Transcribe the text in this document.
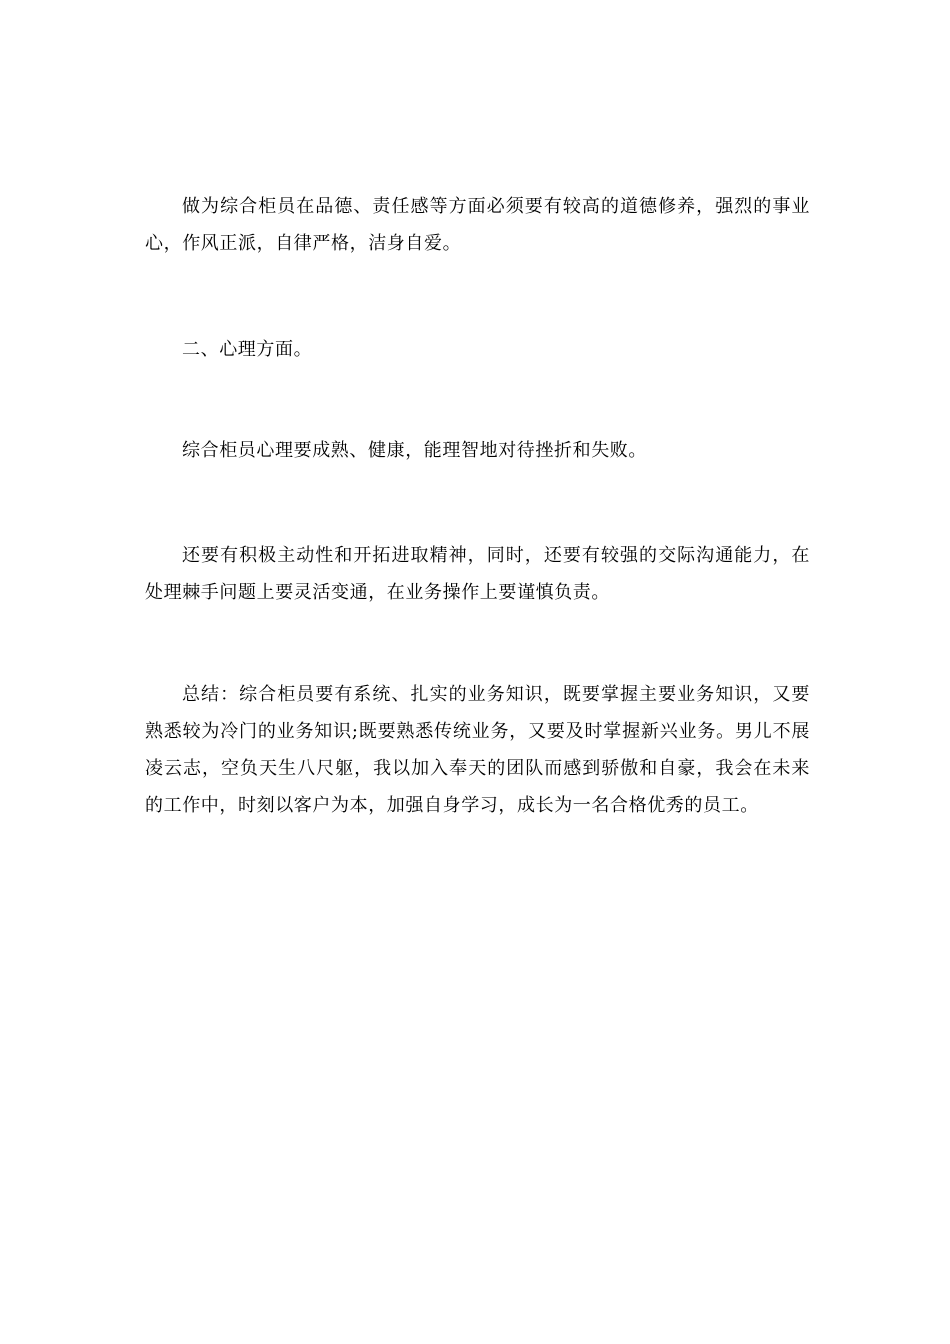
做为综合柜员在品德、责任感等方面必须要有较高的道德修养，强烈的事业心，作风正派，自律严格，洁身自爱。

二、心理方面。

综合柜员心理要成熟、健康，能理智地对待挫折和失败。

还要有积极主动性和开拓进取精神，同时，还要有较强的交际沟通能力，在处理棘手问题上要灵活变通，在业务操作上要谨慎负责。

总结：综合柜员要有系统、扎实的业务知识，既要掌握主要业务知识，又要熟悉较为冷门的业务知识;既要熟悉传统业务，又要及时掌握新兴业务。男儿不展凌云志，空负天生八尺躯，我以加入奉天的团队而感到骄傲和自豪，我会在未来的工作中，时刻以客户为本，加强自身学习，成长为一名合格优秀的员工。
